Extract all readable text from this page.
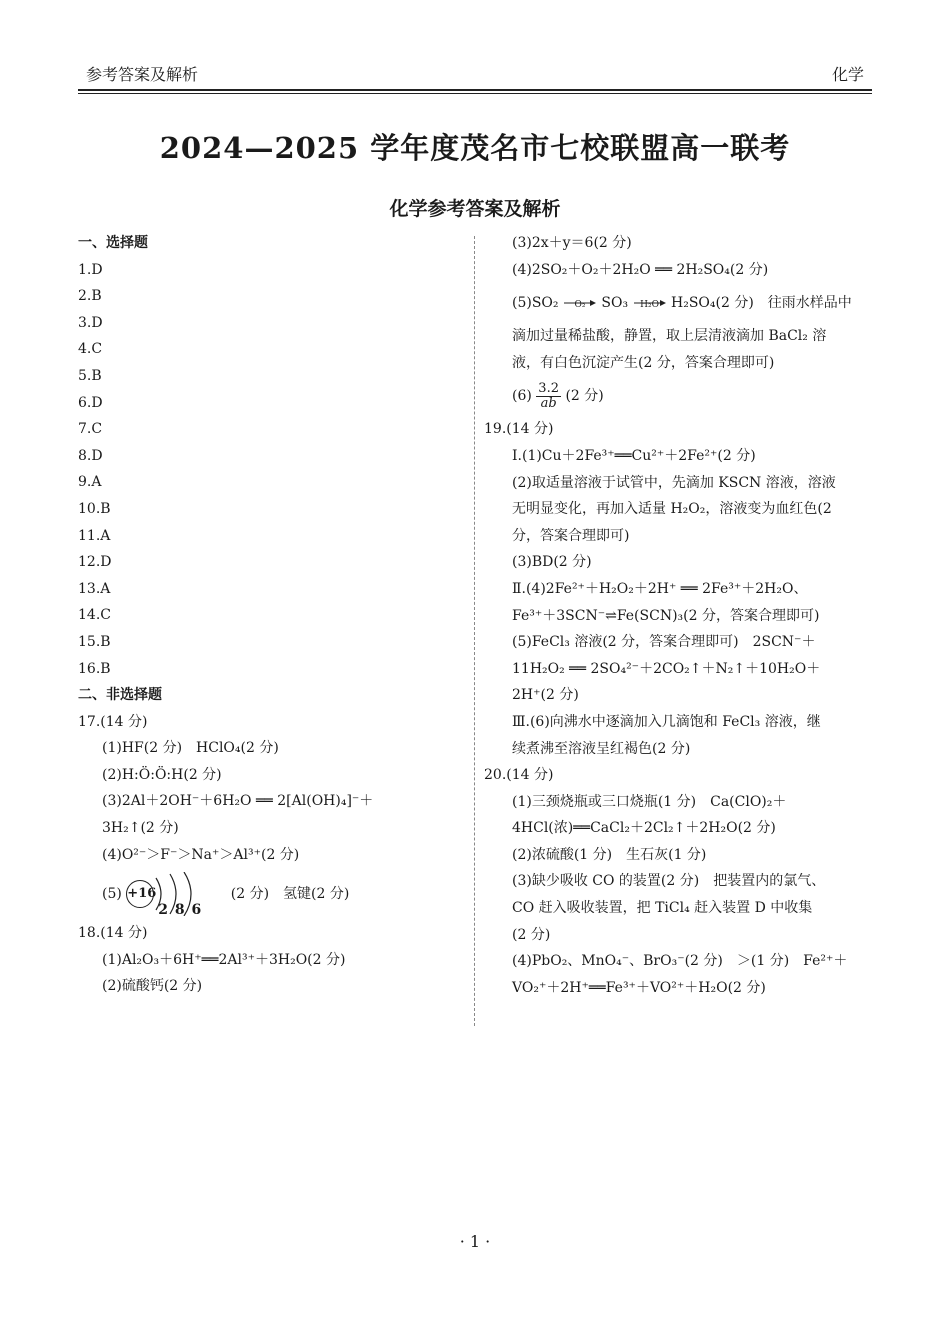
参考答案及解析	化学
2024—2025 学年度茂名市七校联盟高一联考
化学参考答案及解析
一、选择题
1.D
2.B
3.D
4.C
5.B
6.D
7.C
8.D
9.A
10.B
11.A
12.D
13.A
14.C
15.B
16.B
二、非选择题
17.(14 分)
(1)HF(2 分)　HClO₄(2 分)
(2)H:Ö:Ö:H(2 分)
(3)2Al＋2OH⁻＋6H₂O ══ 2[Al(OH)₄]⁻＋
3H₂↑(2 分)
(4)O²⁻＞F⁻＞Na⁺＞Al³⁺(2 分)
(5) +16
2 8 6
(2 分)　氢键(2 分)
18.(14 分)
(1)Al₂O₃＋6H⁺══2Al³⁺＋3H₂O(2 分)
(2)硫酸钙(2 分)
(3)2x＋y＝6(2 分)
(4)2SO₂＋O₂＋2H₂O ══ 2H₂SO₄(2 分)
(5)SO₂	O₂	SO₃	H₂O H₂SO₄(2 分)　往雨水样品中
滴加过量稀盐酸，静置，取上层清液滴加 BaCl₂ 溶
液，有白色沉淀产生(2 分，答案合理即可)
$(6) \frac{3.2}{ab} (2$ 分)
19.(14 分)
Ⅰ.(1)Cu＋2Fe³⁺══Cu²⁺＋2Fe²⁺(2 分)
(2)取适量溶液于试管中，先滴加 KSCN 溶液，溶液
无明显变化，再加入适量 H₂O₂，溶液变为血红色(2
分，答案合理即可)
(3)BD(2 分)
Ⅱ.(4)2Fe²⁺＋H₂O₂＋2H⁺ ══ 2Fe³⁺＋2H₂O、
Fe³⁺＋3SCN⁻⇌Fe(SCN)₃(2 分，答案合理即可)
(5)FeCl₃ 溶液(2 分，答案合理即可)　2SCN⁻＋
11H₂O₂ ══ 2SO₄²⁻＋2CO₂↑＋N₂↑＋10H₂O＋
2H⁺(2 分)
Ⅲ.(6)向沸水中逐滴加入几滴饱和 FeCl₃ 溶液，继
续煮沸至溶液呈红褐色(2 分)
20.(14 分)
(1)三颈烧瓶或三口烧瓶(1 分)　Ca(ClO)₂＋
4HCl(浓)══CaCl₂＋2Cl₂↑＋2H₂O(2 分)
(2)浓硫酸(1 分)　生石灰(1 分)
(3)缺少吸收 CO 的装置(2 分)　把装置内的氯气、
CO 赶入吸收装置，把 TiCl₄ 赶入装置 D 中收集
(2 分)
(4)PbO₂、MnO₄⁻、BrO₃⁻(2 分)　＞(1 分)　Fe²⁺＋
VO₂⁺＋2H⁺══Fe³⁺＋VO²⁺＋H₂O(2 分)
· 1 ·
